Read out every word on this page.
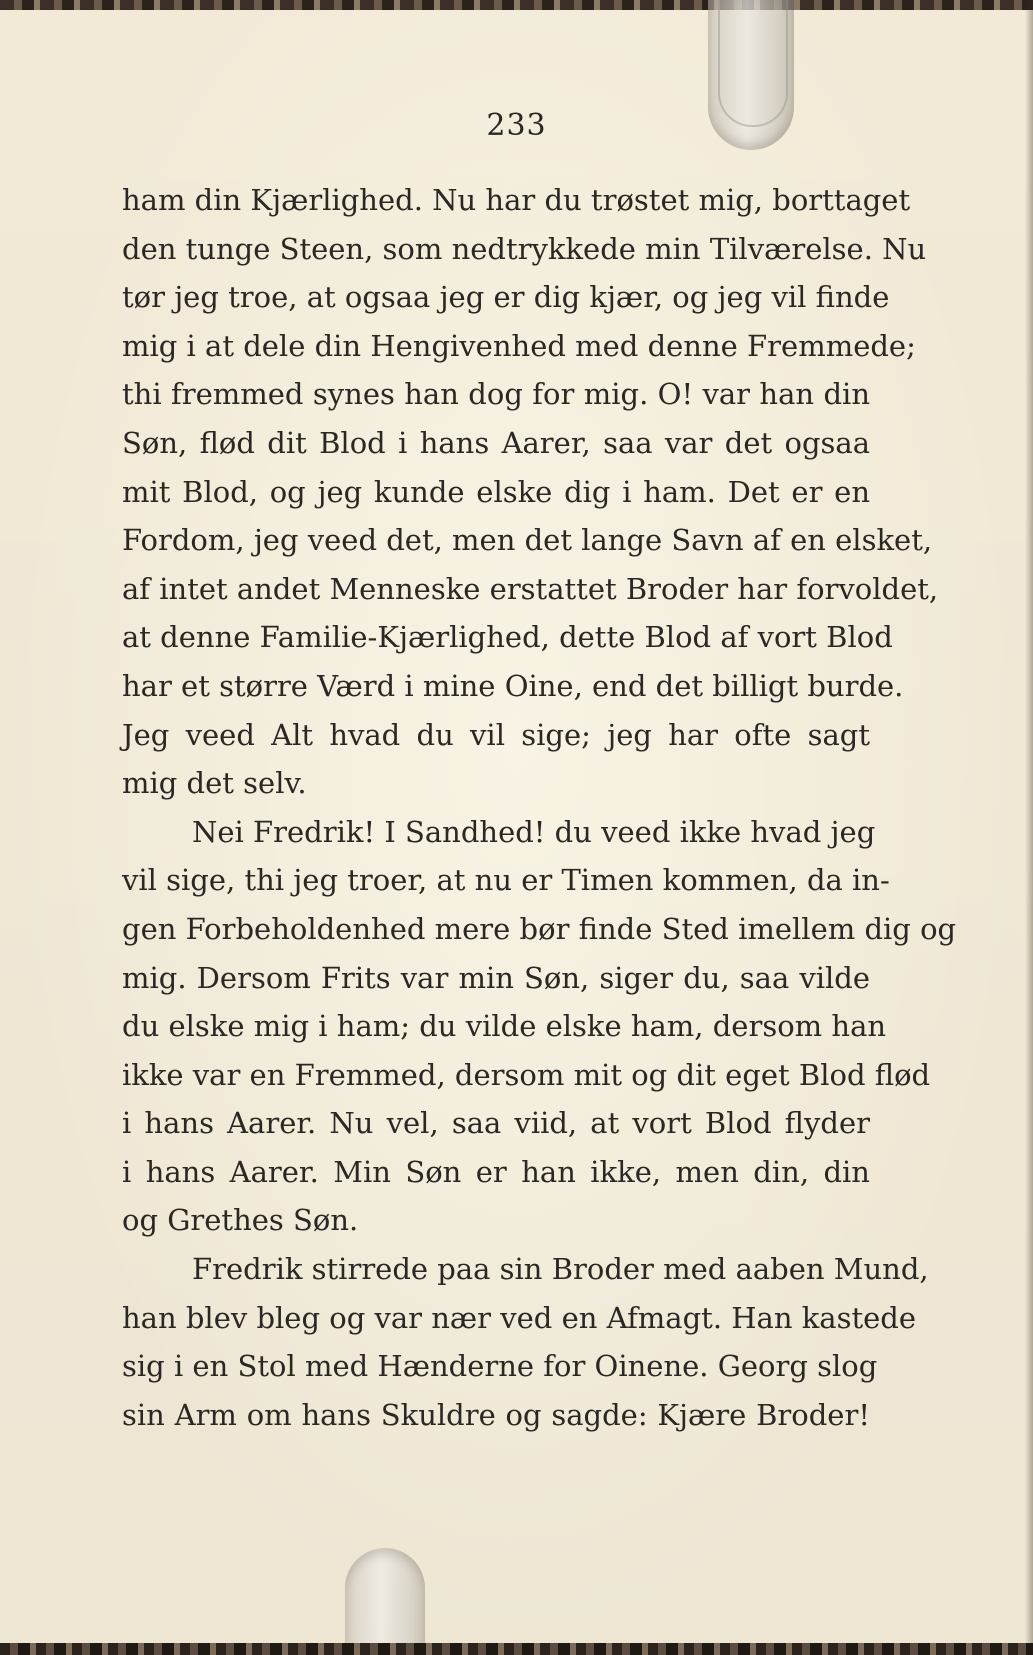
233
ham din Kjærlighed. Nu har du trøstet mig, borttaget
den tunge Steen, som nedtrykkede min Tilværelse. Nu
tør jeg troe, at ogsaa jeg er dig kjær, og jeg vil finde
mig i at dele din Hengivenhed med denne Fremmede;
thi fremmed synes han dog for mig. O! var han din
Søn, flød dit Blod i hans Aarer, saa var det ogsaa
mit Blod, og jeg kunde elske dig i ham. Det er en
Fordom, jeg veed det, men det lange Savn af en elsket,
af intet andet Menneske erstattet Broder har forvoldet,
at denne Familie-Kjærlighed, dette Blod af vort Blod
har et større Værd i mine Oine, end det billigt burde.
Jeg veed Alt hvad du vil sige; jeg har ofte sagt
mig det selv.
Nei Fredrik! I Sandhed! du veed ikke hvad jeg
vil sige, thi jeg troer, at nu er Timen kommen, da in-
gen Forbeholdenhed mere bør finde Sted imellem dig og
mig. Dersom Frits var min Søn, siger du, saa vilde
du elske mig i ham; du vilde elske ham, dersom han
ikke var en Fremmed, dersom mit og dit eget Blod flød
i hans Aarer. Nu vel, saa viid, at vort Blod flyder
i hans Aarer. Min Søn er han ikke, men din, din
og Grethes Søn.
Fredrik stirrede paa sin Broder med aaben Mund,
han blev bleg og var nær ved en Afmagt. Han kastede
sig i en Stol med Hænderne for Oinene. Georg slog
sin Arm om hans Skuldre og sagde: Kjære Broder!
